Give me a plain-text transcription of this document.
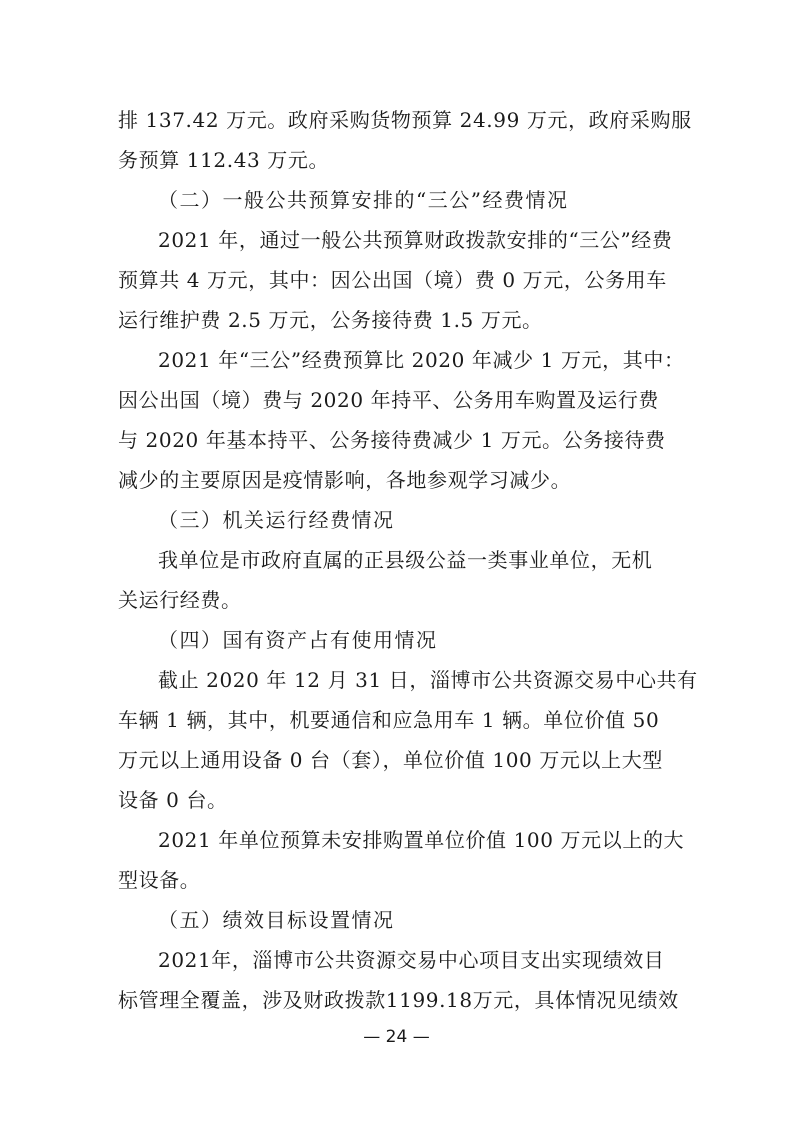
排 137.42 万元。政府采购货物预算 24.99 万元，政府采购服
务预算 112.43 万元。
（二）一般公共预算安排的“三公”经费情况
2021 年，通过一般公共预算财政拨款安排的“三公”经费
预算共 4 万元，其中：因公出国（境）费 0 万元，公务用车
运行维护费 2.5 万元，公务接待费 1.5 万元。
2021 年“三公”经费预算比 2020 年减少 1 万元，其中：
因公出国（境）费与 2020 年持平、公务用车购置及运行费
与 2020 年基本持平、公务接待费减少 1 万元。公务接待费
减少的主要原因是疫情影响，各地参观学习减少。
（三）机关运行经费情况
我单位是市政府直属的正县级公益一类事业单位，无机
关运行经费。
（四）国有资产占有使用情况
截止 2020 年 12 月 31 日，淄博市公共资源交易中心共有
车辆 1 辆，其中，机要通信和应急用车 1 辆。单位价值 50
万元以上通用设备 0 台（套），单位价值 100 万元以上大型
设备 0 台。
2021 年单位预算未安排购置单位价值 100 万元以上的大
型设备。
（五）绩效目标设置情况
2021年，淄博市公共资源交易中心项目支出实现绩效目
标管理全覆盖，涉及财政拨款1199.18万元，具体情况见绩效
— 24 —
